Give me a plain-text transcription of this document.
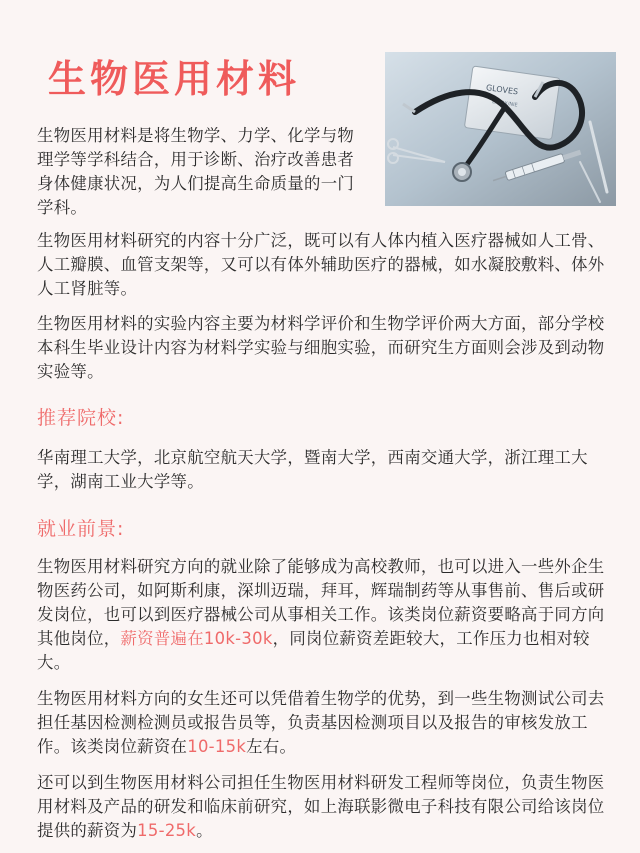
生物医用材料	GLOVES
LATEX/NIE

生物医用材料是将生物学、力学、化学与物理学等学科结合，用于诊断、治疗改善患者身体健康状况，为人们提高生命质量的一门学科。

生物医用材料研究的内容十分广泛，既可以有人体内植入医疗器械如人工骨、人工瓣膜、血管支架等，又可以有体外辅助医疗的器械，如水凝胶敷料、体外人工肾脏等。

生物医用材料的实验内容主要为材料学评价和生物学评价两大方面，部分学校本科生毕业设计内容为材料学实验与细胞实验，而研究生方面则会涉及到动物实验等。

推荐院校:

华南理工大学，北京航空航天大学，暨南大学，西南交通大学，浙江理工大学，湖南工业大学等。

就业前景:

生物医用材料研究方向的就业除了能够成为高校教师，也可以进入一些外企生物医药公司，如阿斯利康，深圳迈瑞，拜耳，辉瑞制药等从事售前、售后或研发岗位，也可以到医疗器械公司从事相关工作。该类岗位薪资要略高于同方向其他岗位，薪资普遍在10k-30k，同岗位薪资差距较大，工作压力也相对较大。

生物医用材料方向的女生还可以凭借着生物学的优势，到一些生物测试公司去担任基因检测检测员或报告员等，负责基因检测项目以及报告的审核发放工作。该类岗位薪资在10-15k左右。

还可以到生物医用材料公司担任生物医用材料研发工程师等岗位，负责生物医用材料及产品的研发和临床前研究，如上海联影微电子科技有限公司给该岗位提供的薪资为15-25k。
